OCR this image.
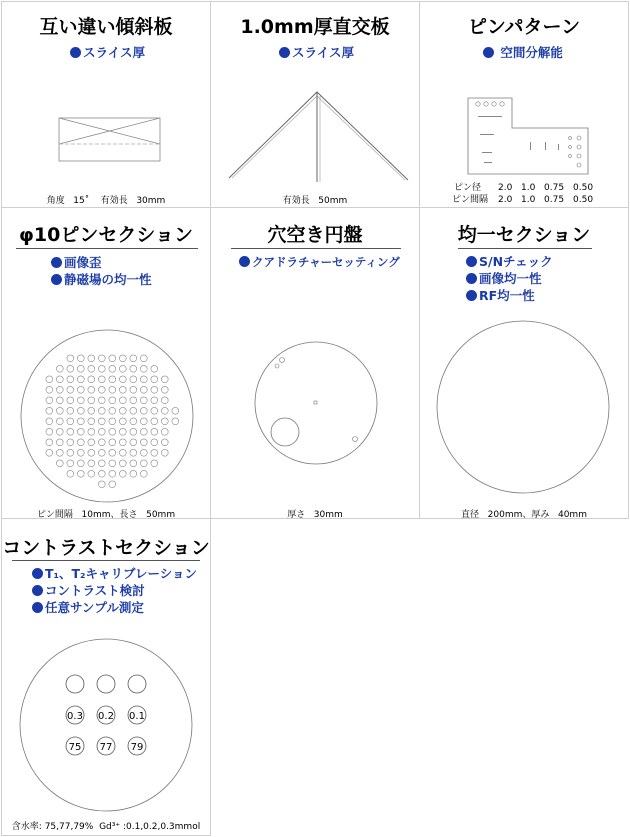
互い違い傾斜板
スライス厚
角度 15˚ 有効長 30mm
1.0mm厚直交板
スライス厚
有効長 50mm
ピンパターン
空間分解能
ピン径 2.0 1.0 0.75 0.50
ピン間隔 2.0 1.0 0.75 0.50
φ10ピンセクション
画像歪
静磁場の均一性
ピン間隔 10mm、長さ 50mm
穴空き円盤
クアドラチャーセッティング
厚さ 30mm
均一セクション
S/Nチェック
画像均一性
RF均一性
直径 200mm、厚み 40mm
コントラストセクション
T₁、T₂キャリブレーション
コントラスト検討
任意サンプル測定
0.3 0.2 0.1
75 77 79
含水率: 75,77,79% Gd³⁺ :0.1,0.2,0.3mmol
